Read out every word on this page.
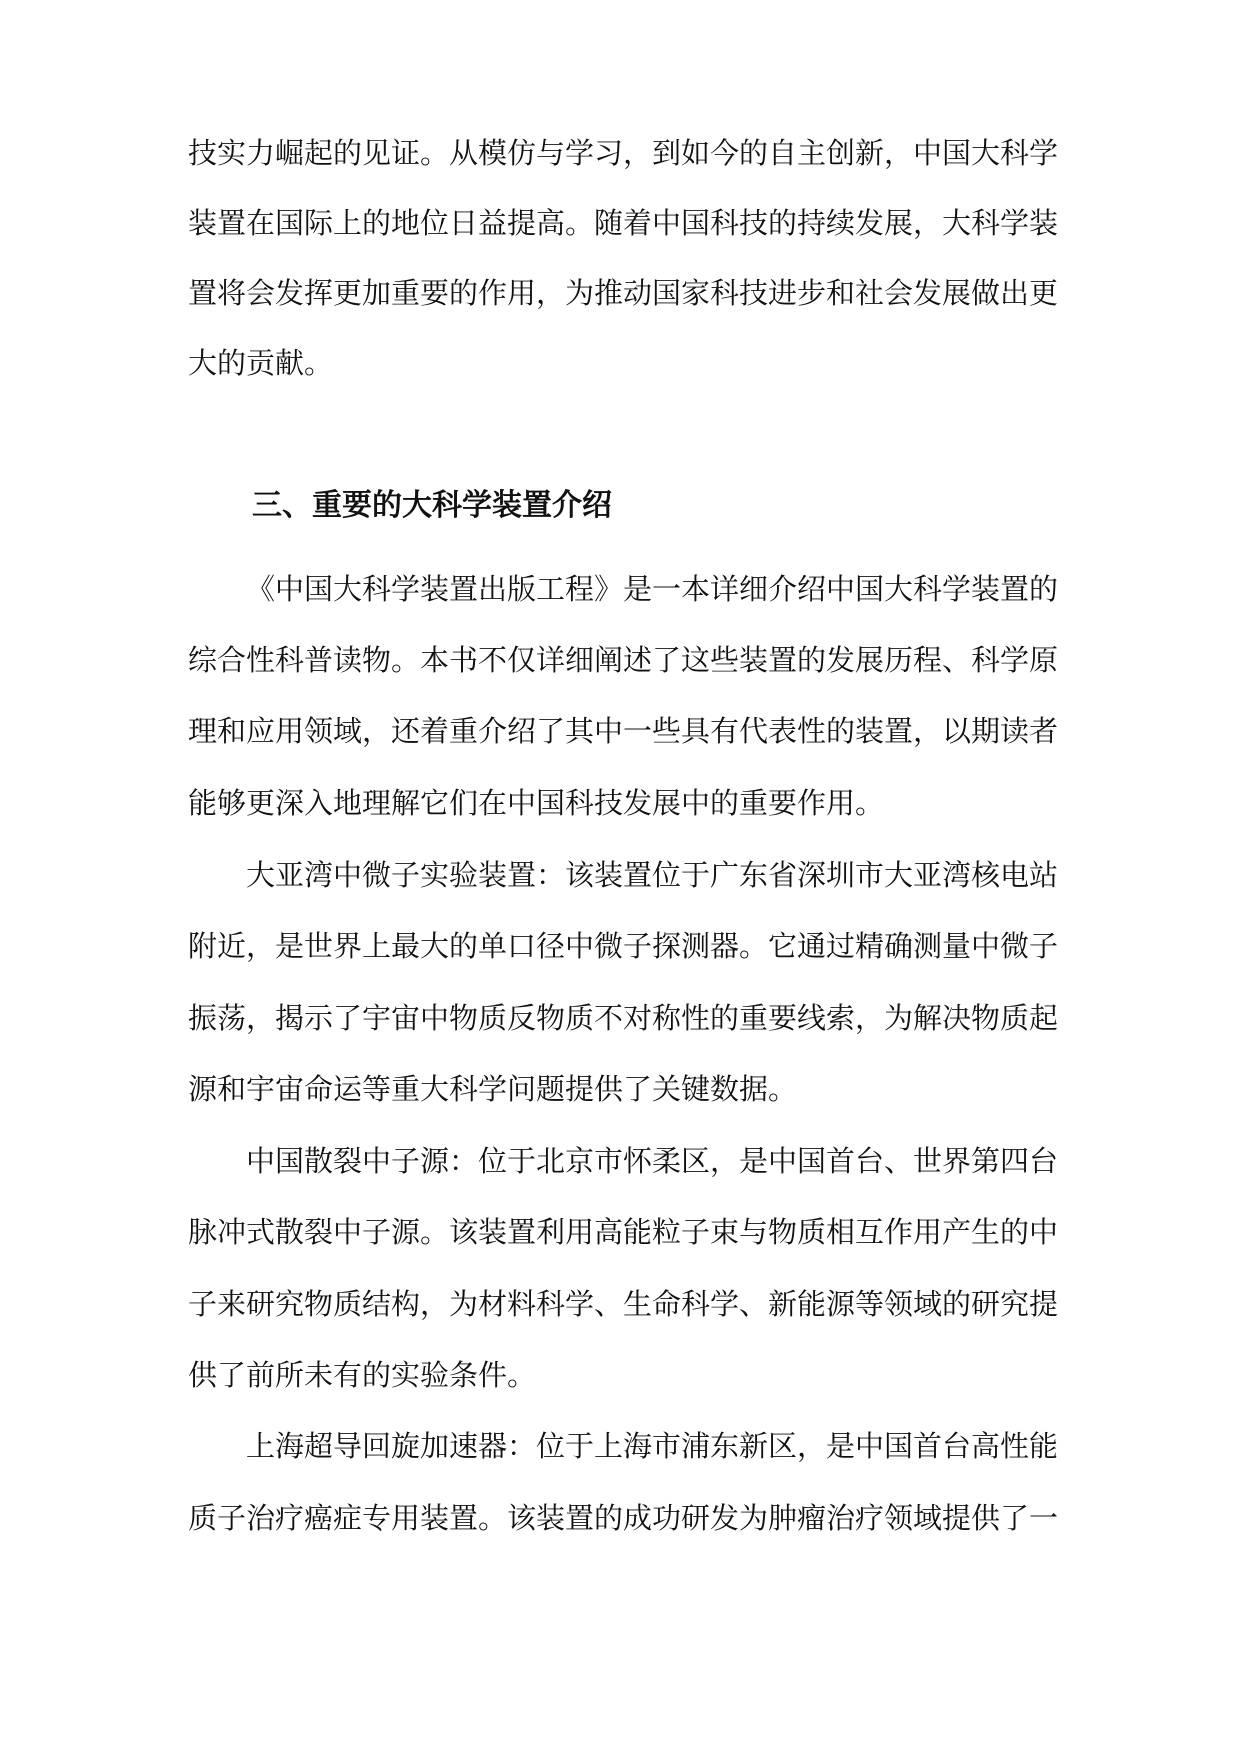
技实力崛起的见证。从模仿与学习，到如今的自主创新，中国大科学
装置在国际上的地位日益提高。随着中国科技的持续发展，大科学装
置将会发挥更加重要的作用，为推动国家科技进步和社会发展做出更
大的贡献。
三、重要的大科学装置介绍
《中国大科学装置出版工程》是一本详细介绍中国大科学装置的
综合性科普读物。本书不仅详细阐述了这些装置的发展历程、科学原
理和应用领域，还着重介绍了其中一些具有代表性的装置，以期读者
能够更深入地理解它们在中国科技发展中的重要作用。
大亚湾中微子实验装置：该装置位于广东省深圳市大亚湾核电站
附近，是世界上最大的单口径中微子探测器。它通过精确测量中微子
振荡，揭示了宇宙中物质反物质不对称性的重要线索，为解决物质起
源和宇宙命运等重大科学问题提供了关键数据。
中国散裂中子源：位于北京市怀柔区，是中国首台、世界第四台
脉冲式散裂中子源。该装置利用高能粒子束与物质相互作用产生的中
子来研究物质结构，为材料科学、生命科学、新能源等领域的研究提
供了前所未有的实验条件。
上海超导回旋加速器：位于上海市浦东新区，是中国首台高性能
质子治疗癌症专用装置。该装置的成功研发为肿瘤治疗领域提供了一
